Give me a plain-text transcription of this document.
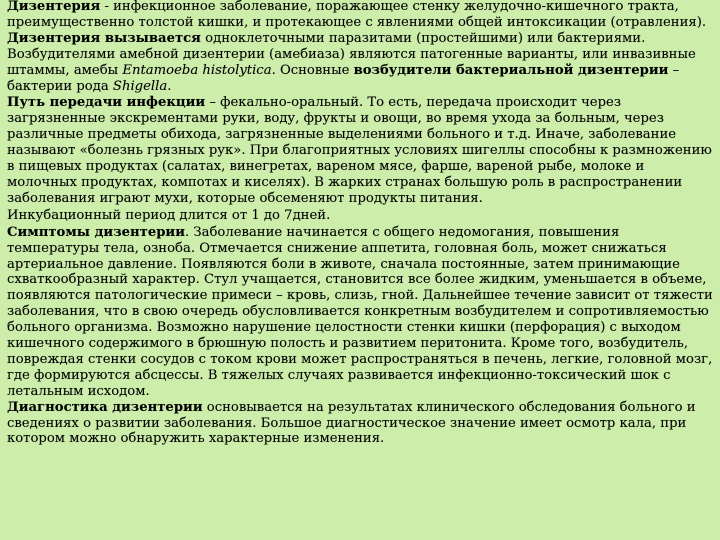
Дизентерия - инфекционное заболевание, поражающее стенку желудочно-кишечного тракта, преимущественно толстой кишки, и протекающее с явлениями общей интоксикации (отравления).

Дизентерия вызывается одноклеточными паразитами (простейшими) или бактериями. Возбудителями амебной дизентерии (амебиаза) являются патогенные варианты, или инвазивные штаммы, амебы Entamoeba histolytica. Основные возбудители бактериальной дизентерии – бактерии рода Shigella.

Путь передачи инфекции – фекально-оральный. То есть, передача происходит через загрязненные экскрементами руки, воду, фрукты и овощи, во время ухода за больным, через различные предметы обихода, загрязненные выделениями больного и т.д. Иначе, заболевание называют «болезнь грязных рук». При благоприятных условиях шигеллы способны к размножению в пищевых продуктах (салатах, винегретах, вареном мясе, фарше, вареной рыбе, молоке и молочных продуктах, компотах и киселях). В жарких странах большую роль в распространении заболевания играют мухи, которые обсеменяют продукты питания.

Инкубационный период длится от 1 до 7дней.

Симптомы дизентерии. Заболевание начинается с общего недомогания, повышения температуры тела, озноба. Отмечается снижение аппетита, головная боль, может снижаться артериальное давление. Появляются боли в животе, сначала постоянные, затем принимающие схваткообразный характер. Стул учащается, становится все более жидким, уменьшается в объеме, появляются патологические примеси – кровь, слизь, гной. Дальнейшее течение зависит от тяжести заболевания, что в свою очередь обусловливается конкретным возбудителем и сопротивляемостью больного организма. Возможно нарушение целостности стенки кишки (перфорация) с выходом кишечного содержимого в брюшную полость и развитием перитонита. Кроме того, возбудитель, повреждая стенки сосудов с током крови может распространяться в печень, легкие, головной мозг, где формируются абсцессы. В тяжелых случаях развивается инфекционно-токсический шок с летальным исходом.

Диагностика дизентерии основывается на результатах клинического обследования больного и сведениях о развитии заболевания. Большое диагностическое значение имеет осмотр кала, при котором можно обнаружить характерные изменения.
